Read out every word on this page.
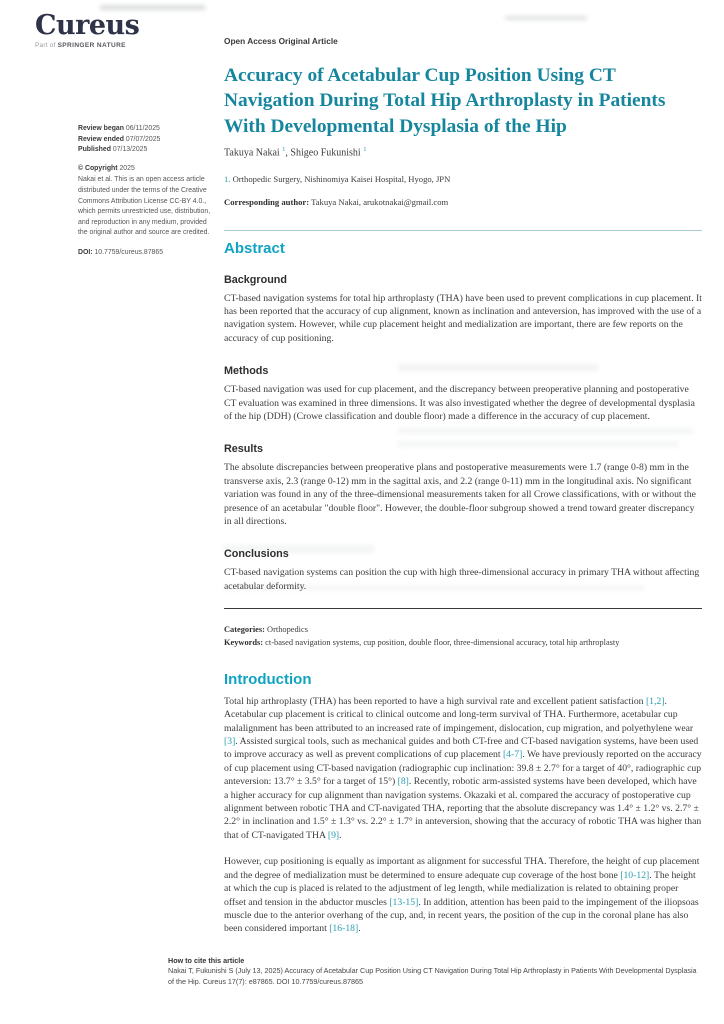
Cureus
Part of SPRINGER NATURE
Review began 06/11/2025
Review ended 07/07/2025
Published 07/13/2025
© Copyright 2025
Nakai et al. This is an open access article distributed under the terms of the Creative Commons Attribution License CC-BY 4.0., which permits unrestricted use, distribution, and reproduction in any medium, provided the original author and source are credited.
DOI: 10.7759/cureus.87865
Open Access Original Article
Accuracy of Acetabular Cup Position Using CT Navigation During Total Hip Arthroplasty in Patients With Developmental Dysplasia of the Hip
Takuya Nakai $^1$, Shigeo Fukunishi $^1$
1. Orthopedic Surgery, Nishinomiya Kaisei Hospital, Hyogo, JPN
Corresponding author: Takuya Nakai, arukotnakai@gmail.com
Abstract
Background

CT-based navigation systems for total hip arthroplasty (THA) have been used to prevent complications in cup placement. It has been reported that the accuracy of cup alignment, known as inclination and anteversion, has improved with the use of a navigation system. However, while cup placement height and medialization are important, there are few reports on the accuracy of cup positioning.

Methods

CT-based navigation was used for cup placement, and the discrepancy between preoperative planning and postoperative CT evaluation was examined in three dimensions. It was also investigated whether the degree of developmental dysplasia of the hip (DDH) (Crowe classification and double floor) made a difference in the accuracy of cup placement.

Results

The absolute discrepancies between preoperative plans and postoperative measurements were 1.7 (range 0-8) mm in the transverse axis, 2.3 (range 0-12) mm in the sagittal axis, and 2.2 (range 0-11) mm in the longitudinal axis. No significant variation was found in any of the three-dimensional measurements taken for all Crowe classifications, with or without the presence of an acetabular "double floor". However, the double-floor subgroup showed a trend toward greater discrepancy in all directions.

Conclusions

CT-based navigation systems can position the cup with high three-dimensional accuracy in primary THA without affecting acetabular deformity.

Categories: Orthopedics
Keywords: ct-based navigation systems, cup position, double floor, three-dimensional accuracy, total hip arthroplasty
Introduction

Total hip arthroplasty (THA) has been reported to have a high survival rate and excellent patient satisfaction [1,2]. Acetabular cup placement is critical to clinical outcome and long-term survival of THA. Furthermore, acetabular cup malalignment has been attributed to an increased rate of impingement, dislocation, cup migration, and polyethylene wear [3]. Assisted surgical tools, such as mechanical guides and both CT-free and CT-based navigation systems, have been used to improve accuracy as well as prevent complications of cup placement [4-7]. We have previously reported on the accuracy of cup placement using CT-based navigation (radiographic cup inclination: 39.8 ± 2.7° for a target of 40°, radiographic cup anteversion: 13.7° ± 3.5° for a target of 15°) [8]. Recently, robotic arm-assisted systems have been developed, which have a higher accuracy for cup alignment than navigation systems. Okazaki et al. compared the accuracy of postoperative cup alignment between robotic THA and CT-navigated THA, reporting that the absolute discrepancy was 1.4° ± 1.2° vs. 2.7° ± 2.2° in inclination and 1.5° ± 1.3° vs. 2.2° ± 1.7° in anteversion, showing that the accuracy of robotic THA was higher than that of CT-navigated THA [9].

However, cup positioning is equally as important as alignment for successful THA. Therefore, the height of cup placement and the degree of medialization must be determined to ensure adequate cup coverage of the host bone [10-12]. The height at which the cup is placed is related to the adjustment of leg length, while medialization is related to obtaining proper offset and tension in the abductor muscles [13-15]. In addition, attention has been paid to the impingement of the iliopsoas muscle due to the anterior overhang of the cup, and, in recent years, the position of the cup in the coronal plane has also been considered important [16-18].

How to cite this article
Nakai T, Fukunishi S (July 13, 2025) Accuracy of Acetabular Cup Position Using CT Navigation During Total Hip Arthroplasty in Patients With Developmental Dysplasia of the Hip. Cureus 17(7): e87865. DOI 10.7759/cureus.87865
